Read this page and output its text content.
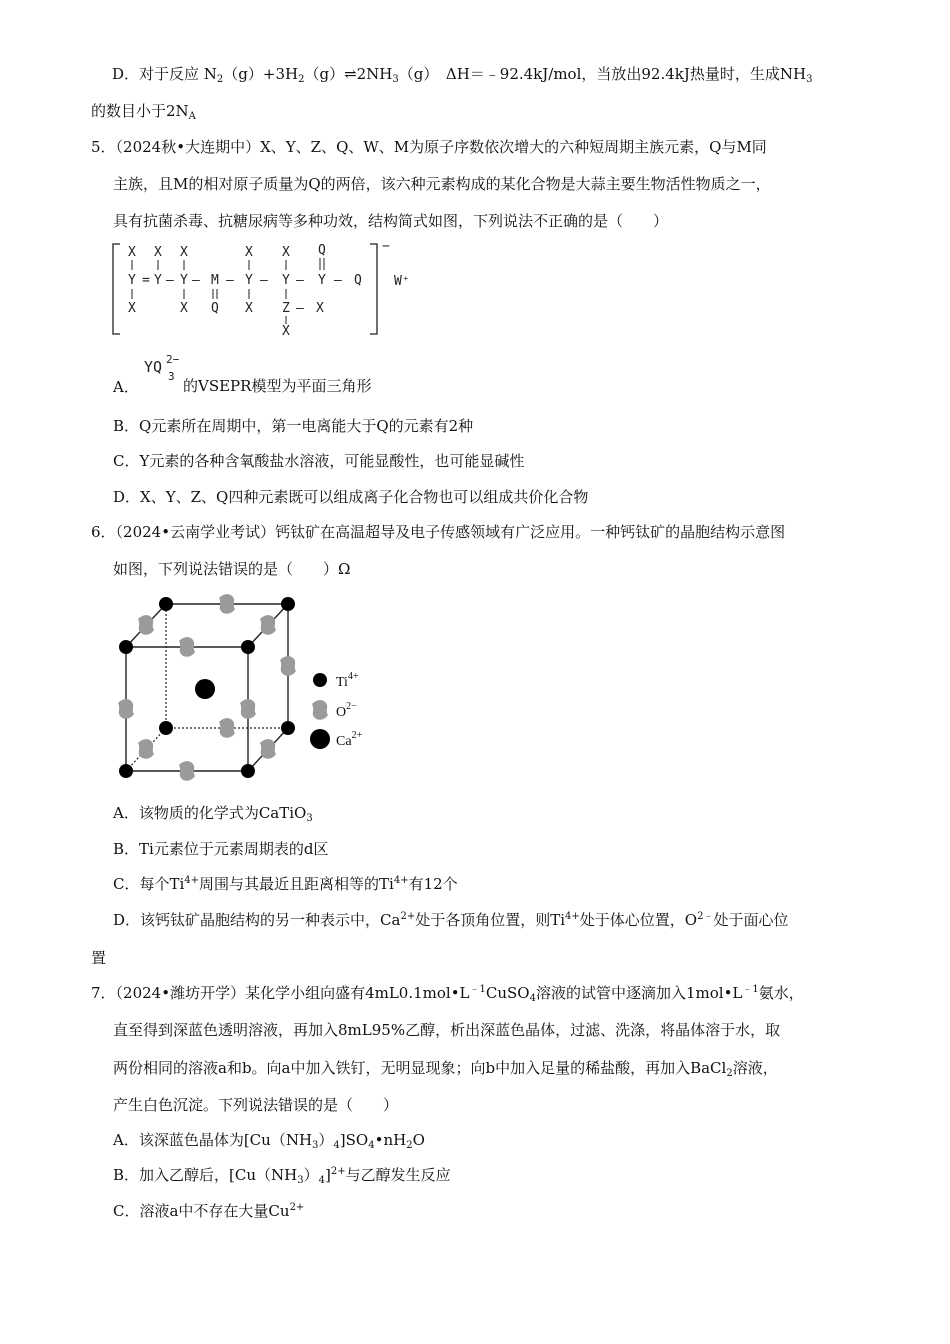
D．对于反应 $N_2(g)+3H_2(g)\rightleftharpoons 2NH_3(g)$　ΔH＝﹣92.4kJ/mol，当放出92.4kJ热量时，生成$NH_3$
的数目小于$2N_A$
5．（2024秋•大连期中）X、Y、Z、Q、W、M为原子序数依次增大的六种短周期主族元素，Q与M同
主族，且M的相对原子质量为Q的两倍，该六种元素构成的某化合物是大蒜主要生物活性物质之一，
具有抗菌杀毒、抗糖尿病等多种功效，结构简式如图，下列说法不正确的是（　　）
−
W⁺
X X X	X X Q
Y = Y — Y — M — Y — Y — Y — Q
X	X Q X Z — X
X
A．
YQ 2−
3
的VSEPR模型为平面三角形
B．Q元素所在周期中，第一电离能大于Q的元素有2种
C．Y元素的各种含氧酸盐水溶液，可能显酸性，也可能显碱性
D．X、Y、Z、Q四种元素既可以组成离子化合物也可以组成共价化合物
6．（2024•云南学业考试）钙钛矿在高温超导及电子传感领域有广泛应用。一种钙钛矿的晶胞结构示意图
如图，下列说法错误的是（　　）Ω
$Ti^{4+}$
$O^{2-}$
$Ca^{2+}$
A．该物质的化学式为CaTiO$_3$
B．Ti元素位于元素周期表的d区
C．每个$Ti^{4+}$周围与其最近且距离相等的$Ti^{4+}$有12个
D．该钙钛矿晶胞结构的另一种表示中，$Ca^{2+}$处于各顶角位置，则$Ti^{4+}$处于体心位置，$O^{2﹣}$处于面心位
置
7．（2024•潍坊开学）某化学小组向盛有$4mL0.1mol•L^{﹣1}CuSO_4$溶液的试管中逐滴加入$1mol•L^{﹣1}$氨水，
直至得到深蓝色透明溶液，再加入8mL95%乙醇，析出深蓝色晶体，过滤、洗涤，将晶体溶于水，取
两份相同的溶液a和b。向a中加入铁钉，无明显现象；向b中加入足量的稀盐酸，再加入BaCl$_2$溶液，
产生白色沉淀。下列说法错误的是（　　）
A．该深蓝色晶体为$[Cu(NH_3)_4]SO_4•nH_2O$
B．加入乙醇后，$[Cu(NH_3)_4]^{2+}$与乙醇发生反应
C．溶液a中不存在大量$Cu^{2+}$
